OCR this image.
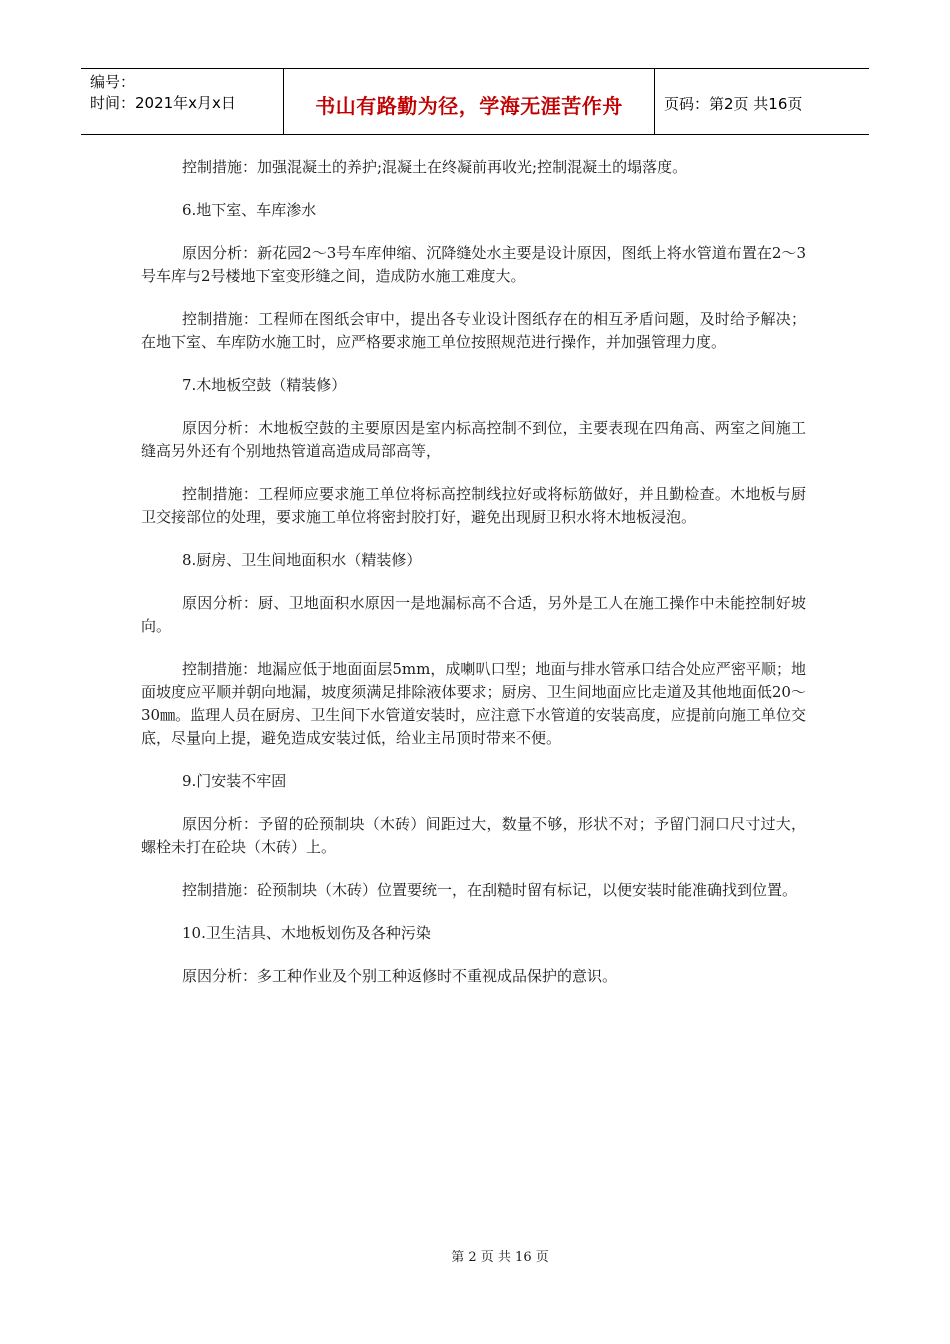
编号：
时间：2021年x月x日	书山有路勤为径，学海无涯苦作舟	页码：第2页 共16页

控制措施：加强混凝土的养护;混凝土在终凝前再收光;控制混凝土的塌落度。

6.地下室、车库渗水

原因分析：新花园2～3号车库伸缩、沉降缝处水主要是设计原因，图纸上将水管道布置在2～3号车库与2号楼地下室变形缝之间，造成防水施工难度大。

控制措施：工程师在图纸会审中，提出各专业设计图纸存在的相互矛盾问题，及时给予解决；在地下室、车库防水施工时，应严格要求施工单位按照规范进行操作，并加强管理力度。

7.木地板空鼓（精装修）

原因分析：木地板空鼓的主要原因是室内标高控制不到位，主要表现在四角高、两室之间施工缝高另外还有个别地热管道高造成局部高等，

控制措施：工程师应要求施工单位将标高控制线拉好或将标筋做好，并且勤检查。木地板与厨卫交接部位的处理，要求施工单位将密封胶打好，避免出现厨卫积水将木地板浸泡。

8.厨房、卫生间地面积水（精装修）

原因分析：厨、卫地面积水原因一是地漏标高不合适，另外是工人在施工操作中未能控制好坡向。

控制措施：地漏应低于地面面层5mm，成喇叭口型；地面与排水管承口结合处应严密平顺；地面坡度应平顺并朝向地漏，坡度须满足排除液体要求；厨房、卫生间地面应比走道及其他地面低20～30㎜。监理人员在厨房、卫生间下水管道安装时，应注意下水管道的安装高度，应提前向施工单位交底，尽量向上提，避免造成安装过低，给业主吊顶时带来不便。

9.门安装不牢固

原因分析：予留的砼预制块（木砖）间距过大，数量不够，形状不对；予留门洞口尺寸过大，螺栓未打在砼块（木砖）上。

控制措施：砼预制块（木砖）位置要统一，在刮糙时留有标记，以便安装时能准确找到位置。

10.卫生洁具、木地板划伤及各种污染

原因分析：多工种作业及个别工种返修时不重视成品保护的意识。

第 2 页 共 16 页
